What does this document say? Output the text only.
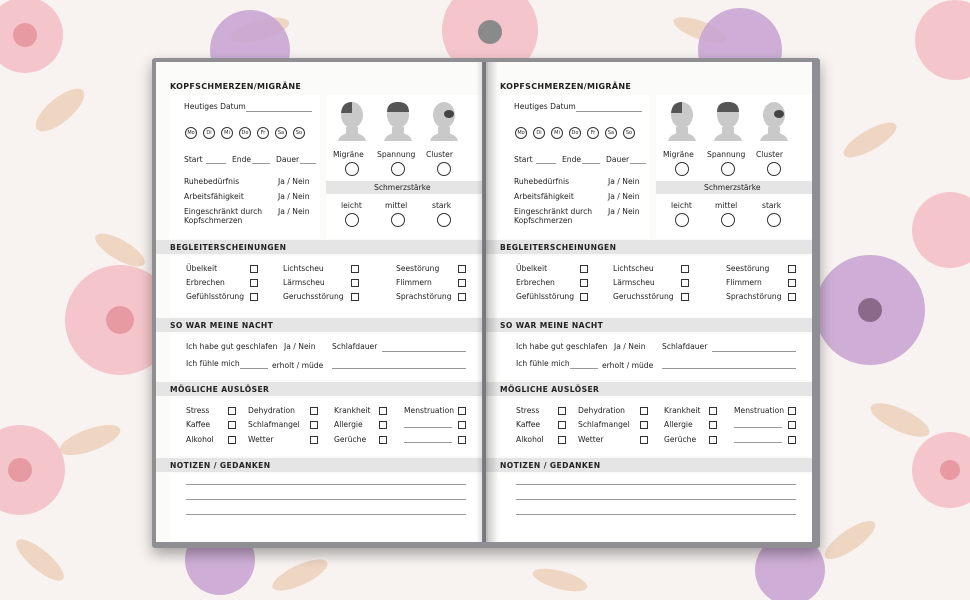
KOPFSCHMERZEN/MIGRÄNE
Heutiges Datum
Mo	Di	Mi	Do	Fr	Sa	So
Start	Ende	Dauer
Ruhebedürfnis	Ja / Nein
Arbeitsfähigkeit	Ja / Nein
Eingeschränkt durch Kopfschmerzen
Ja / Nein
Migräne Spannung Cluster
Schmerzstärke
leicht	mittel	stark
BEGLEITERSCHEINUNGEN
Übelkeit	Lichtscheu	Seestörung
Erbrechen	Lärmscheu	Flimmern
Gefühlsstörung	Geruchsstörung	Sprachstörung
SO WAR MEINE NACHT
Ich habe gut geschlafen Ja / Nein Schlafdauer
Ich fühle mich	erholt / müde
MÖGLICHE AUSLÖSER
Stress	Dehydration	Krankheit	Menstruation
Kaffee	Schlafmangel	Allergie
Alkohol	Wetter	Gerüche
NOTIZEN / GEDANKEN
KOPFSCHMERZEN/MIGRÄNE
Heutiges Datum
Mo	Di	Mi	Do	Fr	Sa	So
Start	Ende	Dauer
Ruhebedürfnis	Ja / Nein
Arbeitsfähigkeit	Ja / Nein
Eingeschränkt durch Kopfschmerzen
Ja / Nein
Migräne Spannung Cluster
Schmerzstärke
leicht	mittel	stark
BEGLEITERSCHEINUNGEN
Übelkeit	Lichtscheu	Seestörung
Erbrechen	Lärmscheu	Flimmern
Gefühlsstörung	Geruchsstörung	Sprachstörung
SO WAR MEINE NACHT
Ich habe gut geschlafen Ja / Nein Schlafdauer
Ich fühle mich	erholt / müde
MÖGLICHE AUSLÖSER
Stress	Dehydration	Krankheit	Menstruation
Kaffee	Schlafmangel	Allergie
Alkohol	Wetter	Gerüche
NOTIZEN / GEDANKEN
